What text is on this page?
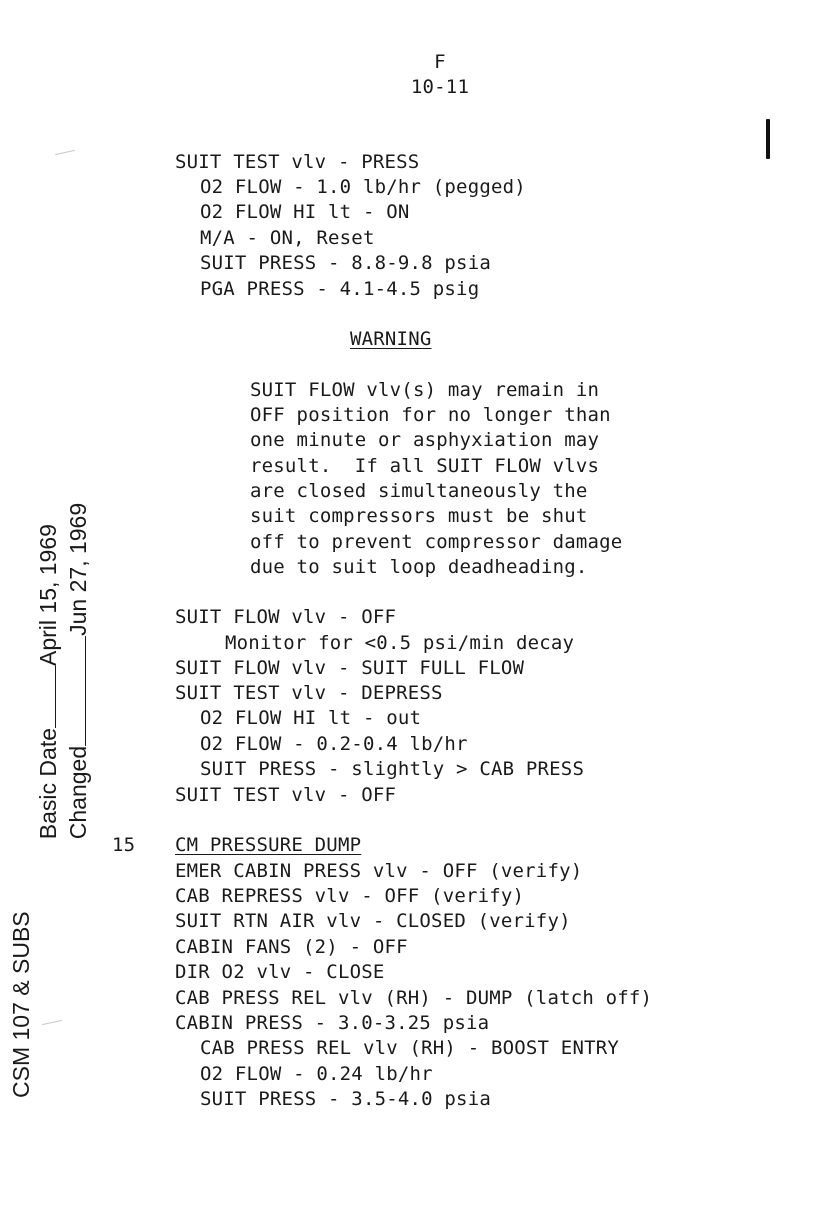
F
10-11
SUIT TEST vlv - PRESS
O2 FLOW - 1.0 lb/hr (pegged)
O2 FLOW HI lt - ON
M/A - ON, Reset
SUIT PRESS - 8.8-9.8 psia
PGA PRESS - 4.1-4.5 psig
WARNING
SUIT FLOW vlv(s) may remain in
OFF position for no longer than
one minute or asphyxiation may
result.  If all SUIT FLOW vlvs
are closed simultaneously the
suit compressors must be shut
off to prevent compressor damage
due to suit loop deadheading.
SUIT FLOW vlv - OFF
Monitor for <0.5 psi/min decay
SUIT FLOW vlv - SUIT FULL FLOW
SUIT TEST vlv - DEPRESS
O2 FLOW HI lt - out
O2 FLOW - 0.2-0.4 lb/hr
SUIT PRESS - slightly > CAB PRESS
SUIT TEST vlv - OFF
15 CM PRESSURE DUMP
EMER CABIN PRESS vlv - OFF (verify)
CAB REPRESS vlv - OFF (verify)
SUIT RTN AIR vlv - CLOSED (verify)
CABIN FANS (2) - OFF
DIR O2 vlv - CLOSE
CAB PRESS REL vlv (RH) - DUMP (latch off)
CABIN PRESS - 3.0-3.25 psia
CAB PRESS REL vlv (RH) - BOOST ENTRY
O2 FLOW - 0.24 lb/hr
SUIT PRESS - 3.5-4.0 psia

Basic DateApril 15, 1969

ChangedJun 27, 1969

CSM 107 & SUBS
